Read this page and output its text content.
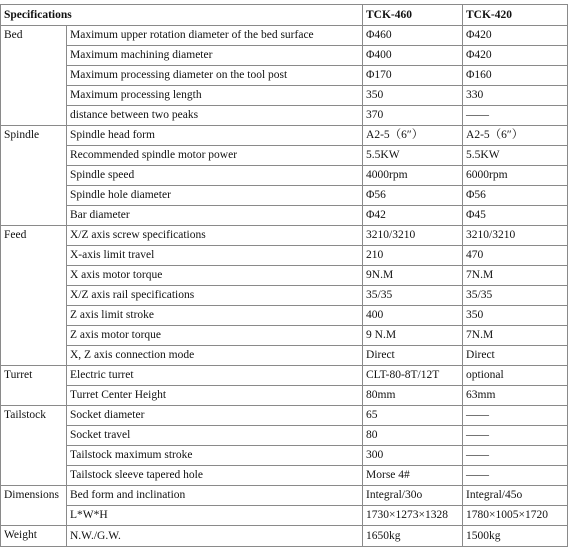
Specifications		TCK-460	TCK-420
Bed	Maximum upper rotation diameter of the bed surface	Φ460	Φ420
	Maximum machining diameter	Φ400	Φ420
	Maximum processing diameter on the tool post	Φ170	Φ160
	Maximum processing length	350	330
	distance between two peaks	370	——
Spindle	Spindle head form	A2-5（6″）	A2-5（6″）
	Recommended spindle motor power	5.5KW	5.5KW
	Spindle speed	4000rpm	6000rpm
	Spindle hole diameter	Φ56	Φ56
	Bar diameter	Φ42	Φ45
Feed	X/Z axis screw specifications	3210/3210	3210/3210
	X-axis limit travel	210	470
	X axis motor torque	9N.M	7N.M
	X/Z axis rail specifications	35/35	35/35
	Z axis limit stroke	400	350
	Z axis motor torque	9 N.M	7N.M
	X, Z axis connection mode	Direct	Direct
Turret	Electric turret	CLT-80-8T/12T	optional
	Turret Center Height	80mm	63mm
Tailstock	Socket diameter	65	——
	Socket travel	80	——
	Tailstock maximum stroke	300	——
	Tailstock sleeve tapered hole	Morse 4#	——
Dimensions	Bed form and inclination	Integral/30o	Integral/45o
	L*W*H	1730×1273×1328	1780×1005×1720
Weight	N.W./G.W.	1650kg	1500kg
